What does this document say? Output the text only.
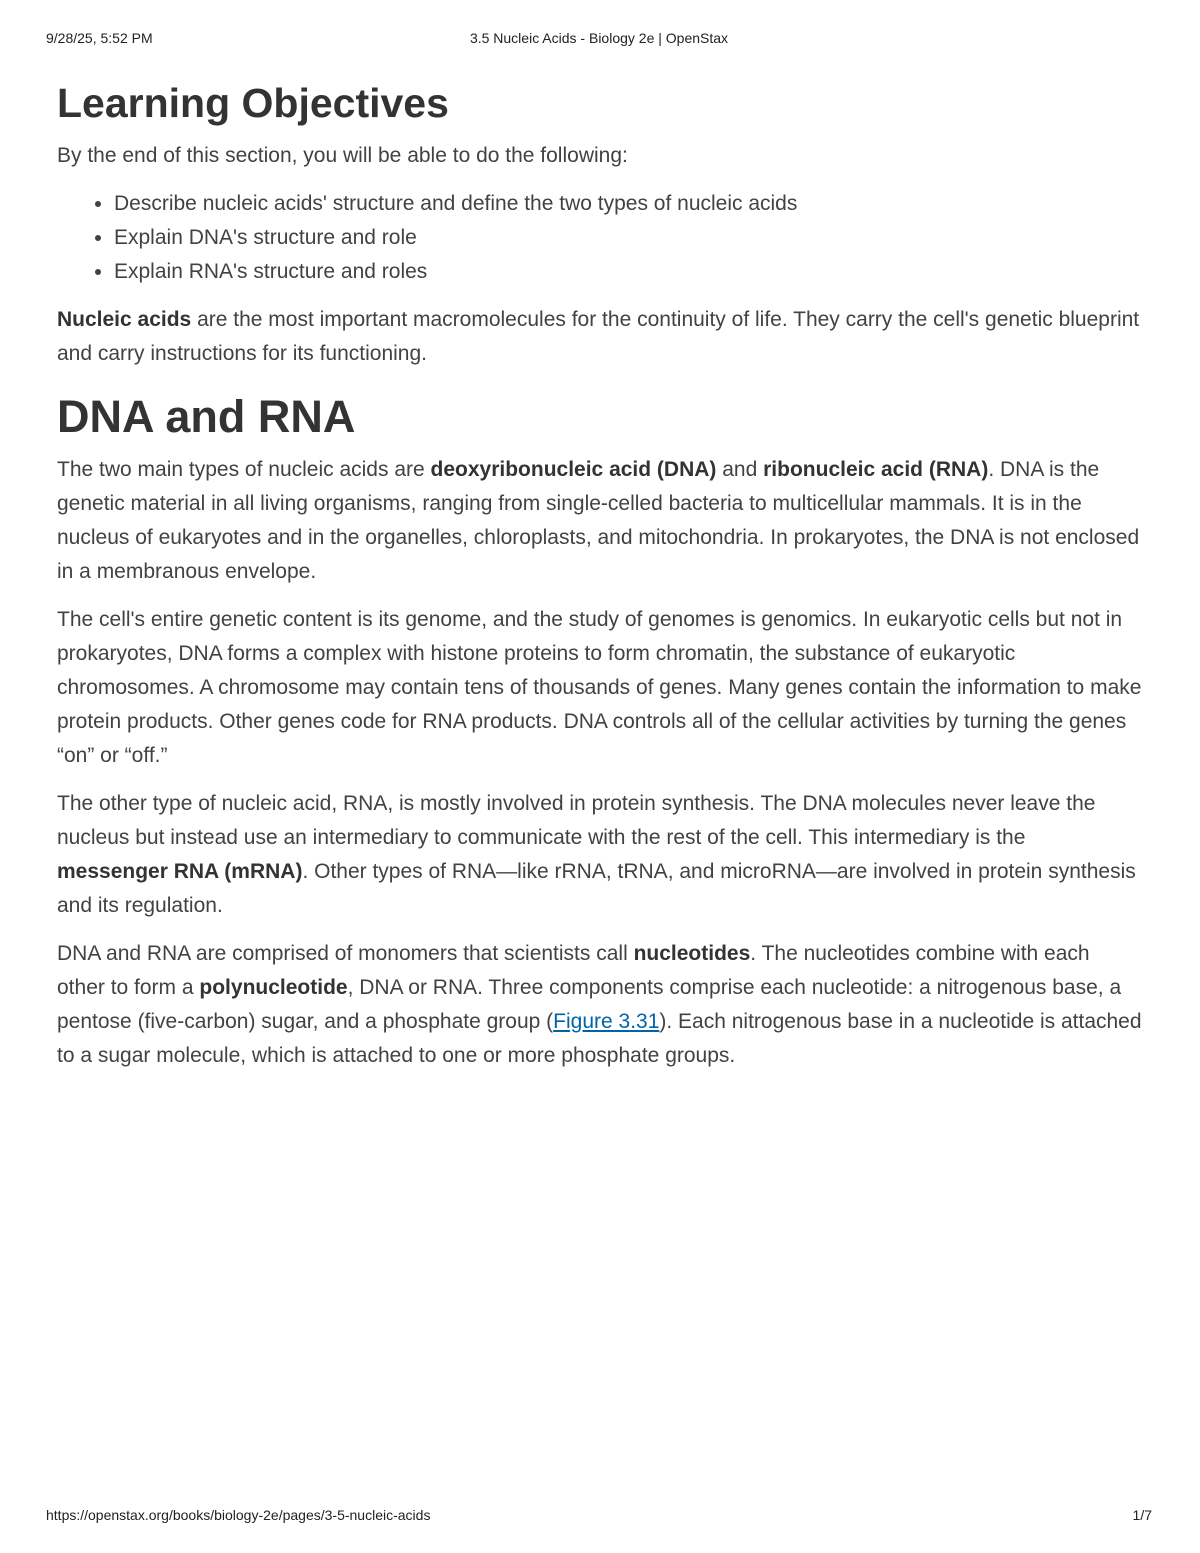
9/28/25, 5:52 PM	3.5 Nucleic Acids - Biology 2e | OpenStax
Learning Objectives

By the end of this section, you will be able to do the following:

• Describe nucleic acids' structure and define the two types of nucleic acids
• Explain DNA's structure and role
• Explain RNA's structure and roles

Nucleic acids are the most important macromolecules for the continuity of life. They carry the cell's genetic blueprint and carry instructions for its functioning.

DNA and RNA

The two main types of nucleic acids are deoxyribonucleic acid (DNA) and ribonucleic acid (RNA). DNA is the genetic material in all living organisms, ranging from single-celled bacteria to multicellular mammals. It is in the nucleus of eukaryotes and in the organelles, chloroplasts, and mitochondria. In prokaryotes, the DNA is not enclosed in a membranous envelope.

The cell's entire genetic content is its genome, and the study of genomes is genomics. In eukaryotic cells but not in prokaryotes, DNA forms a complex with histone proteins to form chromatin, the substance of eukaryotic chromosomes. A chromosome may contain tens of thousands of genes. Many genes contain the information to make protein products. Other genes code for RNA products. DNA controls all of the cellular activities by turning the genes “on” or “off.”

The other type of nucleic acid, RNA, is mostly involved in protein synthesis. The DNA molecules never leave the nucleus but instead use an intermediary to communicate with the rest of the cell. This intermediary is the messenger RNA (mRNA). Other types of RNA—like rRNA, tRNA, and microRNA—are involved in protein synthesis and its regulation.

DNA and RNA are comprised of monomers that scientists call nucleotides. The nucleotides combine with each other to form a polynucleotide, DNA or RNA. Three components comprise each nucleotide: a nitrogenous base, a pentose (five-carbon) sugar, and a phosphate group (Figure 3.31). Each nitrogenous base in a nucleotide is attached to a sugar molecule, which is attached to one or more phosphate groups.

https://openstax.org/books/biology-2e/pages/3-5-nucleic-acids	1/7
